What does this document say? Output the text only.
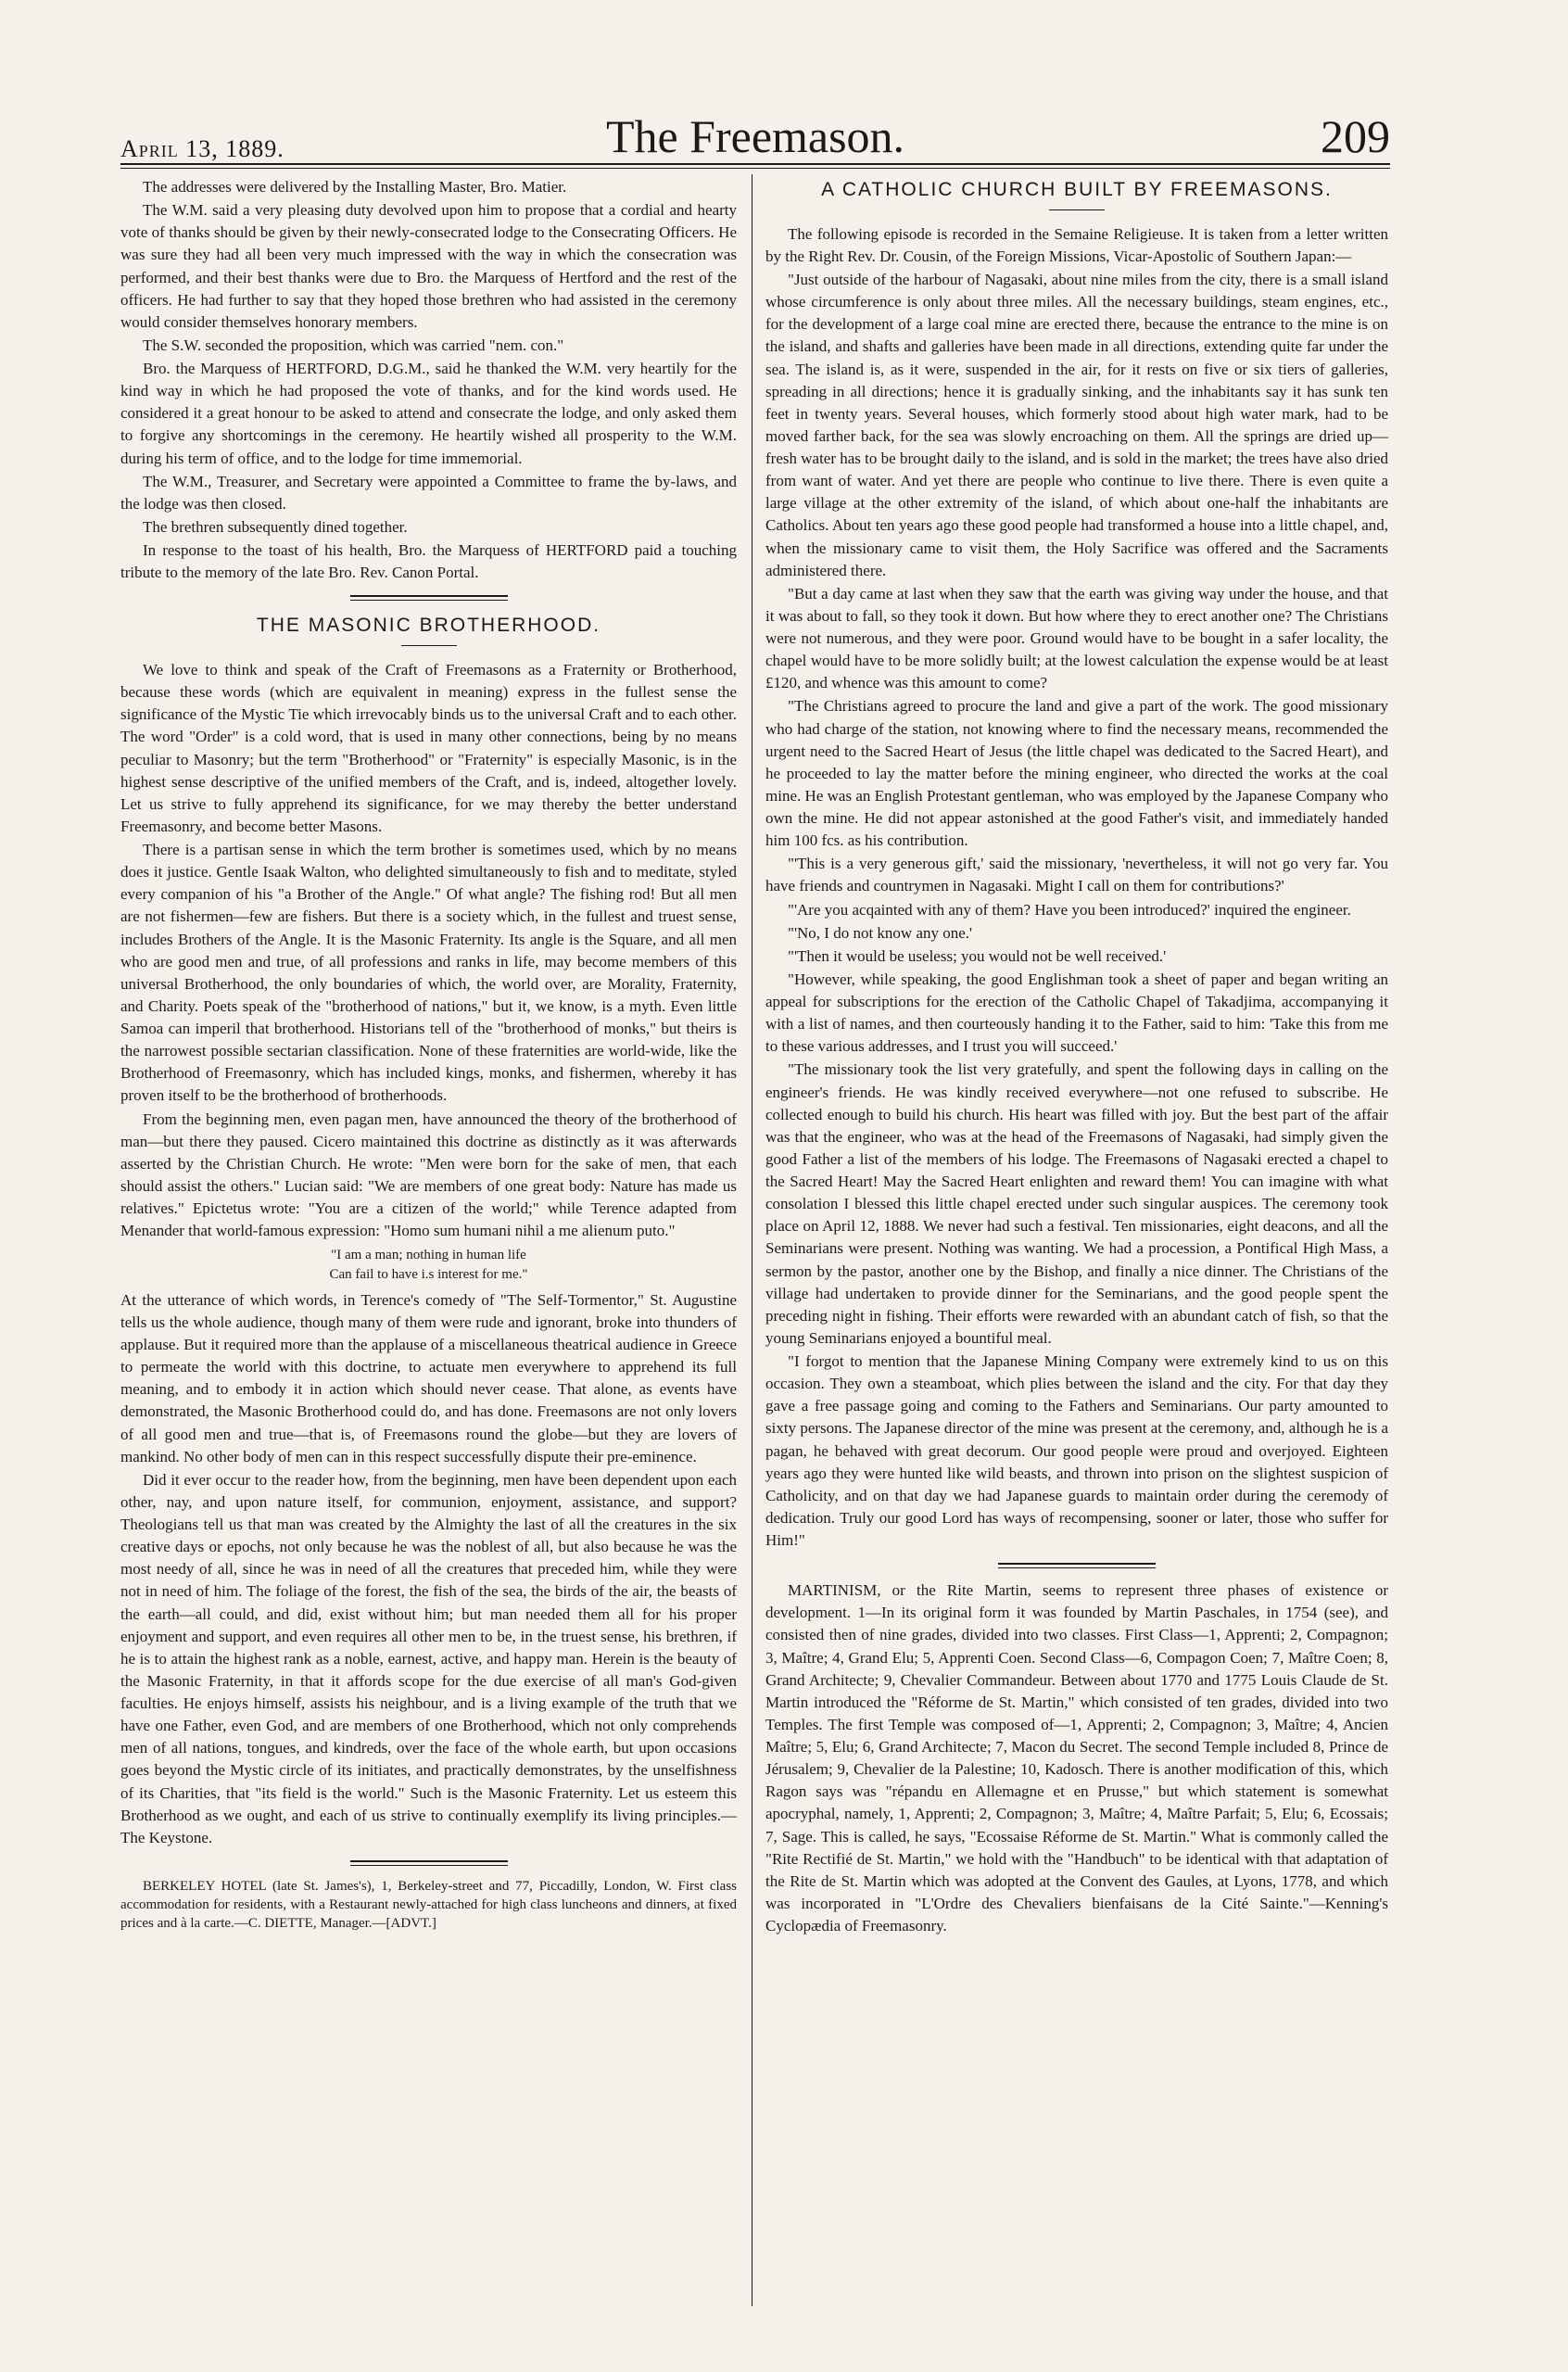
April 13, 1889.	The Freemason.	209

The addresses were delivered by the Installing Master, Bro. Matier.

The W.M. said a very pleasing duty devolved upon him to propose that a cordial and hearty vote of thanks should be given by their newly-consecrated lodge to the Consecrating Officers. He was sure they had all been very much impressed with the way in which the consecration was performed, and their best thanks were due to Bro. the Marquess of Hertford and the rest of the officers. He had further to say that they hoped those brethren who had assisted in the ceremony would consider themselves honorary members.

The S.W. seconded the proposition, which was carried "nem. con."

Bro. the Marquess of HERTFORD, D.G.M., said he thanked the W.M. very heartily for the kind way in which he had proposed the vote of thanks, and for the kind words used. He considered it a great honour to be asked to attend and consecrate the lodge, and only asked them to forgive any shortcomings in the ceremony. He heartily wished all prosperity to the W.M. during his term of office, and to the lodge for time immemorial.

The W.M., Treasurer, and Secretary were appointed a Committee to frame the by-laws, and the lodge was then closed.

The brethren subsequently dined together.

In response to the toast of his health, Bro. the Marquess of HERTFORD paid a touching tribute to the memory of the late Bro. Rev. Canon Portal.

THE MASONIC BROTHERHOOD.

We love to think and speak of the Craft of Freemasons as a Fraternity or Brotherhood, because these words (which are equivalent in meaning) express in the fullest sense the significance of the Mystic Tie which irrevocably binds us to the universal Craft and to each other. The word "Order" is a cold word, that is used in many other connections, being by no means peculiar to Masonry; but the term "Brotherhood" or "Fraternity" is especially Masonic, is in the highest sense descriptive of the unified members of the Craft, and is, indeed, altogether lovely. Let us strive to fully apprehend its significance, for we may thereby the better understand Freemasonry, and become better Masons.

There is a partisan sense in which the term brother is sometimes used, which by no means does it justice. Gentle Isaak Walton, who delighted simultaneously to fish and to meditate, styled every companion of his "a Brother of the Angle." Of what angle? The fishing rod! But all men are not fishermen—few are fishers. But there is a society which, in the fullest and truest sense, includes Brothers of the Angle. It is the Masonic Fraternity. Its angle is the Square, and all men who are good men and true, of all professions and ranks in life, may become members of this universal Brotherhood, the only boundaries of which, the world over, are Morality, Fraternity, and Charity. Poets speak of the "brotherhood of nations," but it, we know, is a myth. Even little Samoa can imperil that brotherhood. Historians tell of the "brotherhood of monks," but theirs is the narrowest possible sectarian classification. None of these fraternities are world-wide, like the Brotherhood of Freemasonry, which has included kings, monks, and fishermen, whereby it has proven itself to be the brotherhood of brotherhoods.

From the beginning men, even pagan men, have announced the theory of the brotherhood of man—but there they paused. Cicero maintained this doctrine as distinctly as it was afterwards asserted by the Christian Church. He wrote: "Men were born for the sake of men, that each should assist the others." Lucian said: "We are members of one great body: Nature has made us relatives." Epictetus wrote: "You are a citizen of the world;" while Terence adapted from Menander that world-famous expression: "Homo sum humani nihil a me alienum puto."

"I am a man; nothing in human life
Can fail to have i.s interest for me."

At the utterance of which words, in Terence's comedy of "The Self-Tormentor," St. Augustine tells us the whole audience, though many of them were rude and ignorant, broke into thunders of applause. But it required more than the applause of a miscellaneous theatrical audience in Greece to permeate the world with this doctrine, to actuate men everywhere to apprehend its full meaning, and to embody it in action which should never cease. That alone, as events have demonstrated, the Masonic Brotherhood could do, and has done. Freemasons are not only lovers of all good men and true—that is, of Freemasons round the globe—but they are lovers of mankind. No other body of men can in this respect successfully dispute their pre-eminence.

Did it ever occur to the reader how, from the beginning, men have been dependent upon each other, nay, and upon nature itself, for communion, enjoyment, assistance, and support? Theologians tell us that man was created by the Almighty the last of all the creatures in the six creative days or epochs, not only because he was the noblest of all, but also because he was the most needy of all, since he was in need of all the creatures that preceded him, while they were not in need of him. The foliage of the forest, the fish of the sea, the birds of the air, the beasts of the earth—all could, and did, exist without him; but man needed them all for his proper enjoyment and support, and even requires all other men to be, in the truest sense, his brethren, if he is to attain the highest rank as a noble, earnest, active, and happy man. Herein is the beauty of the Masonic Fraternity, in that it affords scope for the due exercise of all man's God-given faculties. He enjoys himself, assists his neighbour, and is a living example of the truth that we have one Father, even God, and are members of one Brotherhood, which not only comprehends men of all nations, tongues, and kindreds, over the face of the whole earth, but upon occasions goes beyond the Mystic circle of its initiates, and practically demonstrates, by the unselfishness of its Charities, that "its field is the world." Such is the Masonic Fraternity. Let us esteem this Brotherhood as we ought, and each of us strive to continually exemplify its living principles.—The Keystone.

BERKELEY HOTEL (late St. James's), 1, Berkeley-street and 77, Piccadilly, London, W. First class accommodation for residents, with a Restaurant newly-attached for high class luncheons and dinners, at fixed prices and à la carte.—C. DIETTE, Manager.—[ADVT.]

A CATHOLIC CHURCH BUILT BY FREEMASONS.

The following episode is recorded in the Semaine Religieuse. It is taken from a letter written by the Right Rev. Dr. Cousin, of the Foreign Missions, Vicar-Apostolic of Southern Japan:—

"Just outside of the harbour of Nagasaki, about nine miles from the city, there is a small island whose circumference is only about three miles. All the necessary buildings, steam engines, etc., for the development of a large coal mine are erected there, because the entrance to the mine is on the island, and shafts and galleries have been made in all directions, extending quite far under the sea. The island is, as it were, suspended in the air, for it rests on five or six tiers of galleries, spreading in all directions; hence it is gradually sinking, and the inhabitants say it has sunk ten feet in twenty years. Several houses, which formerly stood about high water mark, had to be moved farther back, for the sea was slowly encroaching on them. All the springs are dried up—fresh water has to be brought daily to the island, and is sold in the market; the trees have also dried from want of water. And yet there are people who continue to live there. There is even quite a large village at the other extremity of the island, of which about one-half the inhabitants are Catholics. About ten years ago these good people had transformed a house into a little chapel, and, when the missionary came to visit them, the Holy Sacrifice was offered and the Sacraments administered there.

"But a day came at last when they saw that the earth was giving way under the house, and that it was about to fall, so they took it down. But how where they to erect another one? The Christians were not numerous, and they were poor. Ground would have to be bought in a safer locality, the chapel would have to be more solidly built; at the lowest calculation the expense would be at least £120, and whence was this amount to come?

"The Christians agreed to procure the land and give a part of the work. The good missionary who had charge of the station, not knowing where to find the necessary means, recommended the urgent need to the Sacred Heart of Jesus (the little chapel was dedicated to the Sacred Heart), and he proceeded to lay the matter before the mining engineer, who directed the works at the coal mine. He was an English Protestant gentleman, who was employed by the Japanese Company who own the mine. He did not appear astonished at the good Father's visit, and immediately handed him 100 fcs. as his contribution.

"'This is a very generous gift,' said the missionary, 'nevertheless, it will not go very far. You have friends and countrymen in Nagasaki. Might I call on them for contributions?'

"'Are you acqainted with any of them? Have you been introduced?' inquired the engineer.

"'No, I do not know any one.'

"'Then it would be useless; you would not be well received.'

"However, while speaking, the good Englishman took a sheet of paper and began writing an appeal for subscriptions for the erection of the Catholic Chapel of Takadjima, accompanying it with a list of names, and then courteously handing it to the Father, said to him: 'Take this from me to these various addresses, and I trust you will succeed.'

"The missionary took the list very gratefully, and spent the following days in calling on the engineer's friends. He was kindly received everywhere—not one refused to subscribe. He collected enough to build his church. His heart was filled with joy. But the best part of the affair was that the engineer, who was at the head of the Freemasons of Nagasaki, had simply given the good Father a list of the members of his lodge. The Freemasons of Nagasaki erected a chapel to the Sacred Heart! May the Sacred Heart enlighten and reward them! You can imagine with what consolation I blessed this little chapel erected under such singular auspices. The ceremony took place on April 12, 1888. We never had such a festival. Ten missionaries, eight deacons, and all the Seminarians were present. Nothing was wanting. We had a procession, a Pontifical High Mass, a sermon by the pastor, another one by the Bishop, and finally a nice dinner. The Christians of the village had undertaken to provide dinner for the Seminarians, and the good people spent the preceding night in fishing. Their efforts were rewarded with an abundant catch of fish, so that the young Seminarians enjoyed a bountiful meal.

"I forgot to mention that the Japanese Mining Company were extremely kind to us on this occasion. They own a steamboat, which plies between the island and the city. For that day they gave a free passage going and coming to the Fathers and Seminarians. Our party amounted to sixty persons. The Japanese director of the mine was present at the ceremony, and, although he is a pagan, he behaved with great decorum. Our good people were proud and overjoyed. Eighteen years ago they were hunted like wild beasts, and thrown into prison on the slightest suspicion of Catholicity, and on that day we had Japanese guards to maintain order during the ceremody of dedication. Truly our good Lord has ways of recompensing, sooner or later, those who suffer for Him!"

MARTINISM, or the Rite Martin, seems to represent three phases of existence or development. 1—In its original form it was founded by Martin Paschales, in 1754 (see), and consisted then of nine grades, divided into two classes. First Class—1, Apprenti; 2, Compagnon; 3, Maître; 4, Grand Elu; 5, Apprenti Coen. Second Class—6, Compagon Coen; 7, Maître Coen; 8, Grand Architecte; 9, Chevalier Commandeur. Between about 1770 and 1775 Louis Claude de St. Martin introduced the "Réforme de St. Martin," which consisted of ten grades, divided into two Temples. The first Temple was composed of—1, Apprenti; 2, Compagnon; 3, Maître; 4, Ancien Maître; 5, Elu; 6, Grand Architecte; 7, Macon du Secret. The second Temple included 8, Prince de Jérusalem; 9, Chevalier de la Palestine; 10, Kadosch. There is another modification of this, which Ragon says was "répandu en Allemagne et en Prusse," but which statement is somewhat apocryphal, namely, 1, Apprenti; 2, Compagnon; 3, Maître; 4, Maître Parfait; 5, Elu; 6, Ecossais; 7, Sage. This is called, he says, "Ecossaise Réforme de St. Martin." What is commonly called the "Rite Rectifié de St. Martin," we hold with the "Handbuch" to be identical with that adaptation of the Rite de St. Martin which was adopted at the Convent des Gaules, at Lyons, 1778, and which was incorporated in "L'Ordre des Chevaliers bienfaisans de la Cité Sainte."—Kenning's Cyclopædia of Freemasonry.
